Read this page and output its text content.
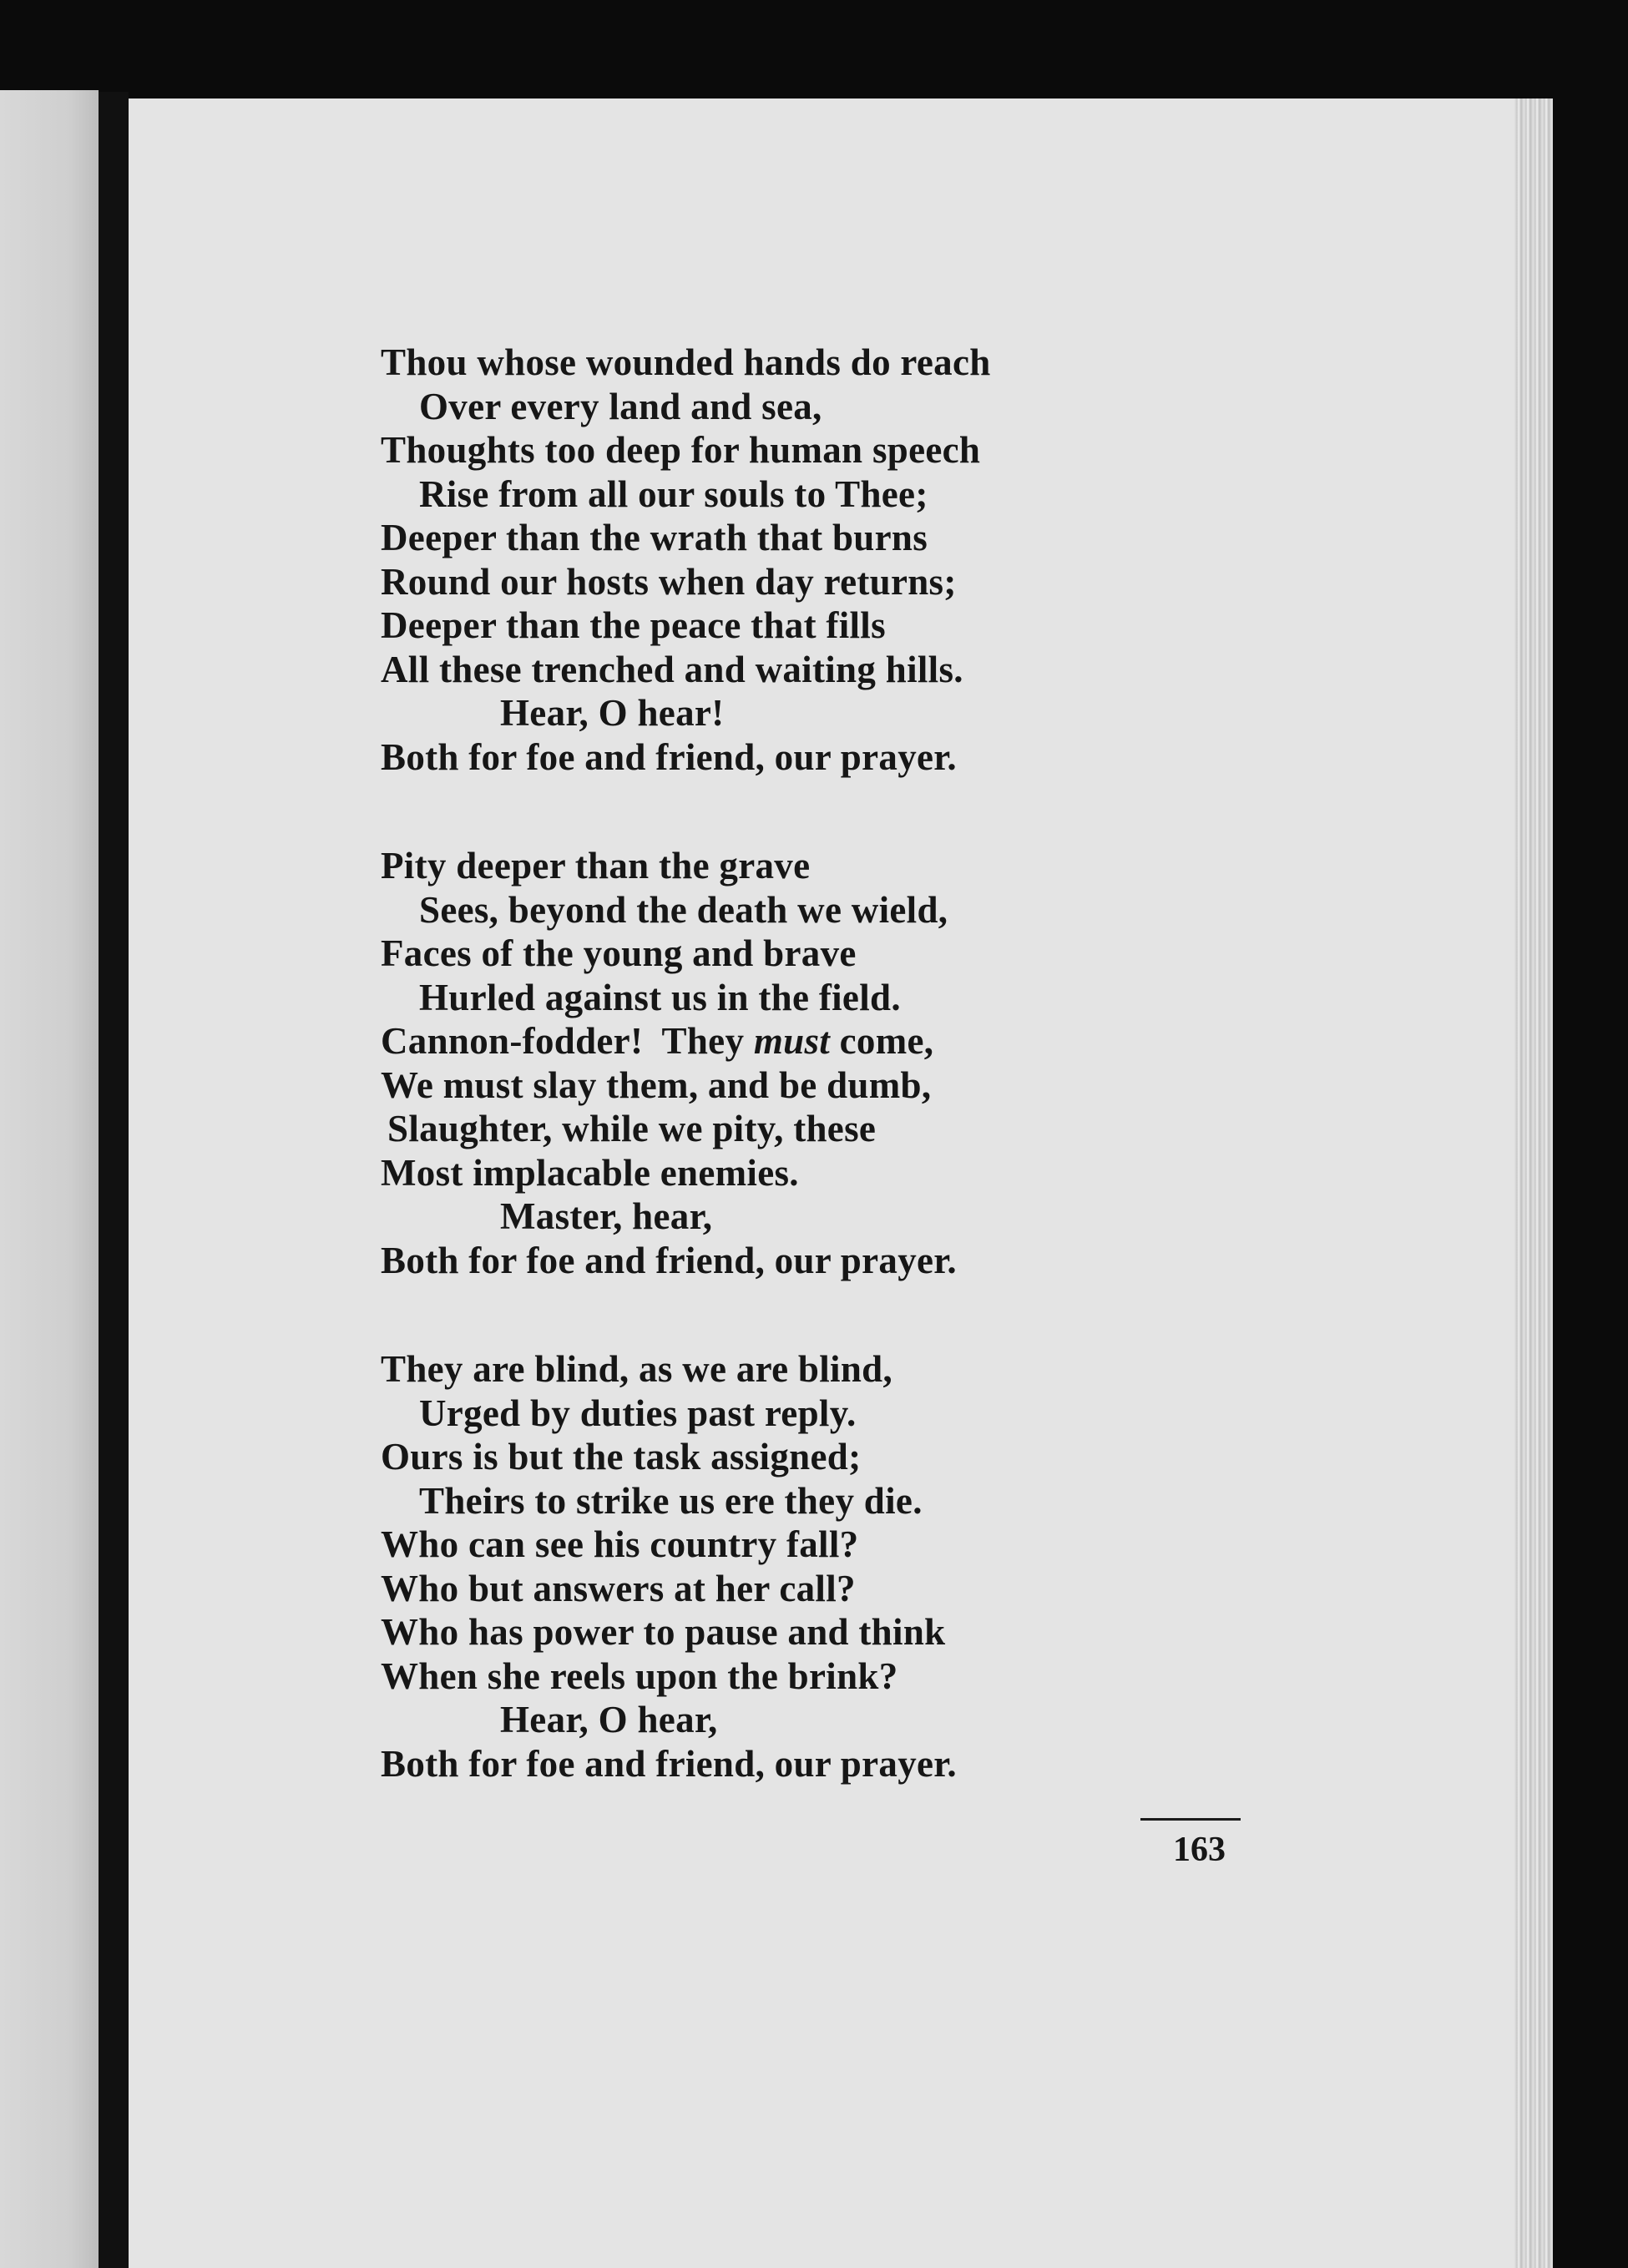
Thou whose wounded hands do reach
Over every land and sea,
Thoughts too deep for human speech
Rise from all our souls to Thee;
Deeper than the wrath that burns
Round our hosts when day returns;
Deeper than the peace that fills
All these trenched and waiting hills.
Hear, O hear!
Both for foe and friend, our prayer.
Pity deeper than the grave
Sees, beyond the death we wield,
Faces of the young and brave
Hurled against us in the field.
Cannon-fodder! They must come,
We must slay them, and be dumb,
Slaughter, while we pity, these
Most implacable enemies.
Master, hear,
Both for foe and friend, our prayer.
They are blind, as we are blind,
Urged by duties past reply.
Ours is but the task assigned;
Theirs to strike us ere they die.
Who can see his country fall?
Who but answers at her call?
Who has power to pause and think
When she reels upon the brink?
Hear, O hear,
Both for foe and friend, our prayer.
163
